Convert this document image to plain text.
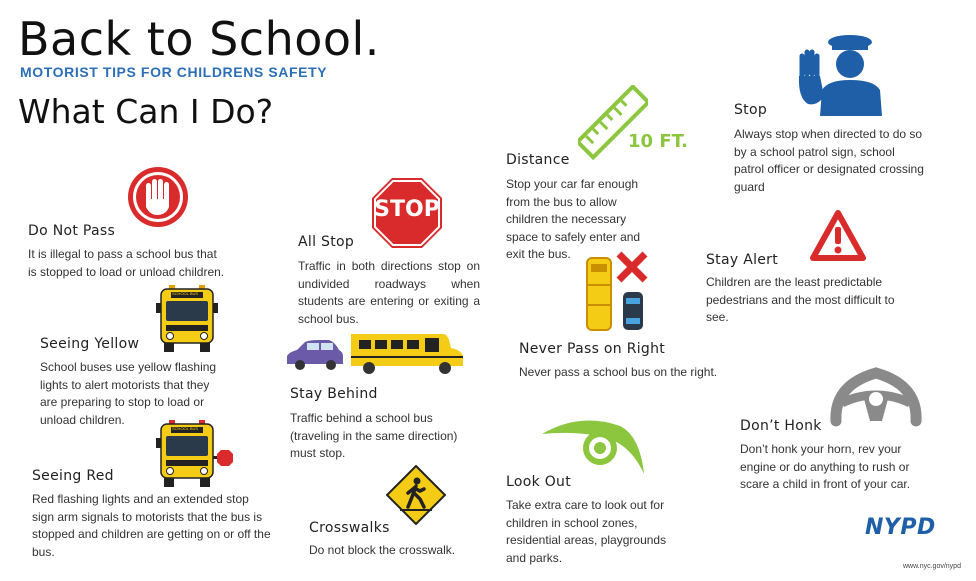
Back to School.
MOTORIST TIPS FOR CHILDRENS SAFETY
What Can I Do?
Do Not Pass
It is illegal to pass a school bus that is stopped to load or unload children.
SCHOOL BUS
Seeing Yellow
School buses use yellow flashing lights to alert motorists that they are preparing to stop to load or unload children.
SCHOOL BUS
Seeing Red
Red flashing lights and an extended stop sign arm signals to motorists that the bus is stopped and children are getting on or off the bus.
STOP
All Stop
Traffic in both directions stop on undivided roadways when students are entering or exiting a school bus.
Stay Behind
Traffic behind a school bus (traveling in the same direction) must stop.
Crosswalks
Do not block the crosswalk.
10 FT.
Distance
Stop your car far enough from the bus to allow children the necessary space to safely enter and exit the bus.
Never Pass on Right
Never pass a school bus on the right.
Look Out
Take extra care to look out for children in school zones, residential areas, playgrounds and parks.
Stop
Always stop when directed to do so by a school patrol sign, school patrol officer or designated crossing guard
Stay Alert
Children are the least predictable pedestrians and the most difficult to see.
Don’t Honk
Don’t honk your horn, rev your engine or do anything to rush or scare a child in front of your car.
NYPD
www.nyc.gov/nypd
